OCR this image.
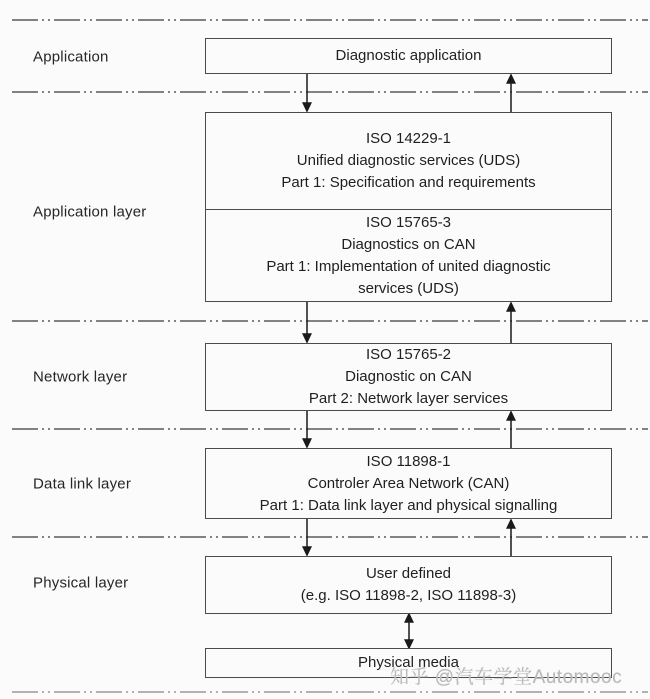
Application
Application layer
Network layer
Data link layer
Physical layer
Diagnostic application
ISO 14229-1
Unified diagnostic services (UDS)
Part 1: Specification and requirements
ISO 15765-3
Diagnostics on CAN
Part 1: Implementation of united diagnostic
services (UDS)
ISO 15765-2
Diagnostic on CAN
Part 2: Network layer services
ISO 11898-1
Controler Area Network (CAN)
Part 1: Data link layer and physical signalling
User defined
(e.g. ISO 11898-2, ISO 11898-3)
Physical media
知乎 @汽车学堂Automooc
